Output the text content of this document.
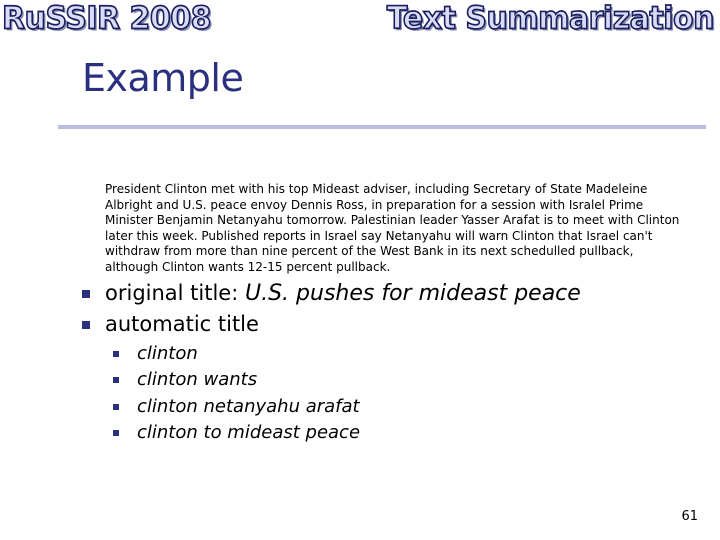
RuSSIR 2008	Text Summarization
Example
President Clinton met with his top Mideast adviser, including Secretary of State Madeleine Albright and U.S. peace envoy Dennis Ross, in preparation for a session with Isralel Prime Minister Benjamin Netanyahu tomorrow. Palestinian leader Yasser Arafat is to meet with Clinton later this week. Published reports in Israel say Netanyahu will warn Clinton that Israel can't withdraw from more than nine percent of the West Bank in its next schedulled pullback, although Clinton wants 12-15 percent pullback.
original title: U.S. pushes for mideast peace
automatic title
clinton
clinton wants
clinton netanyahu arafat
clinton to mideast peace
61
